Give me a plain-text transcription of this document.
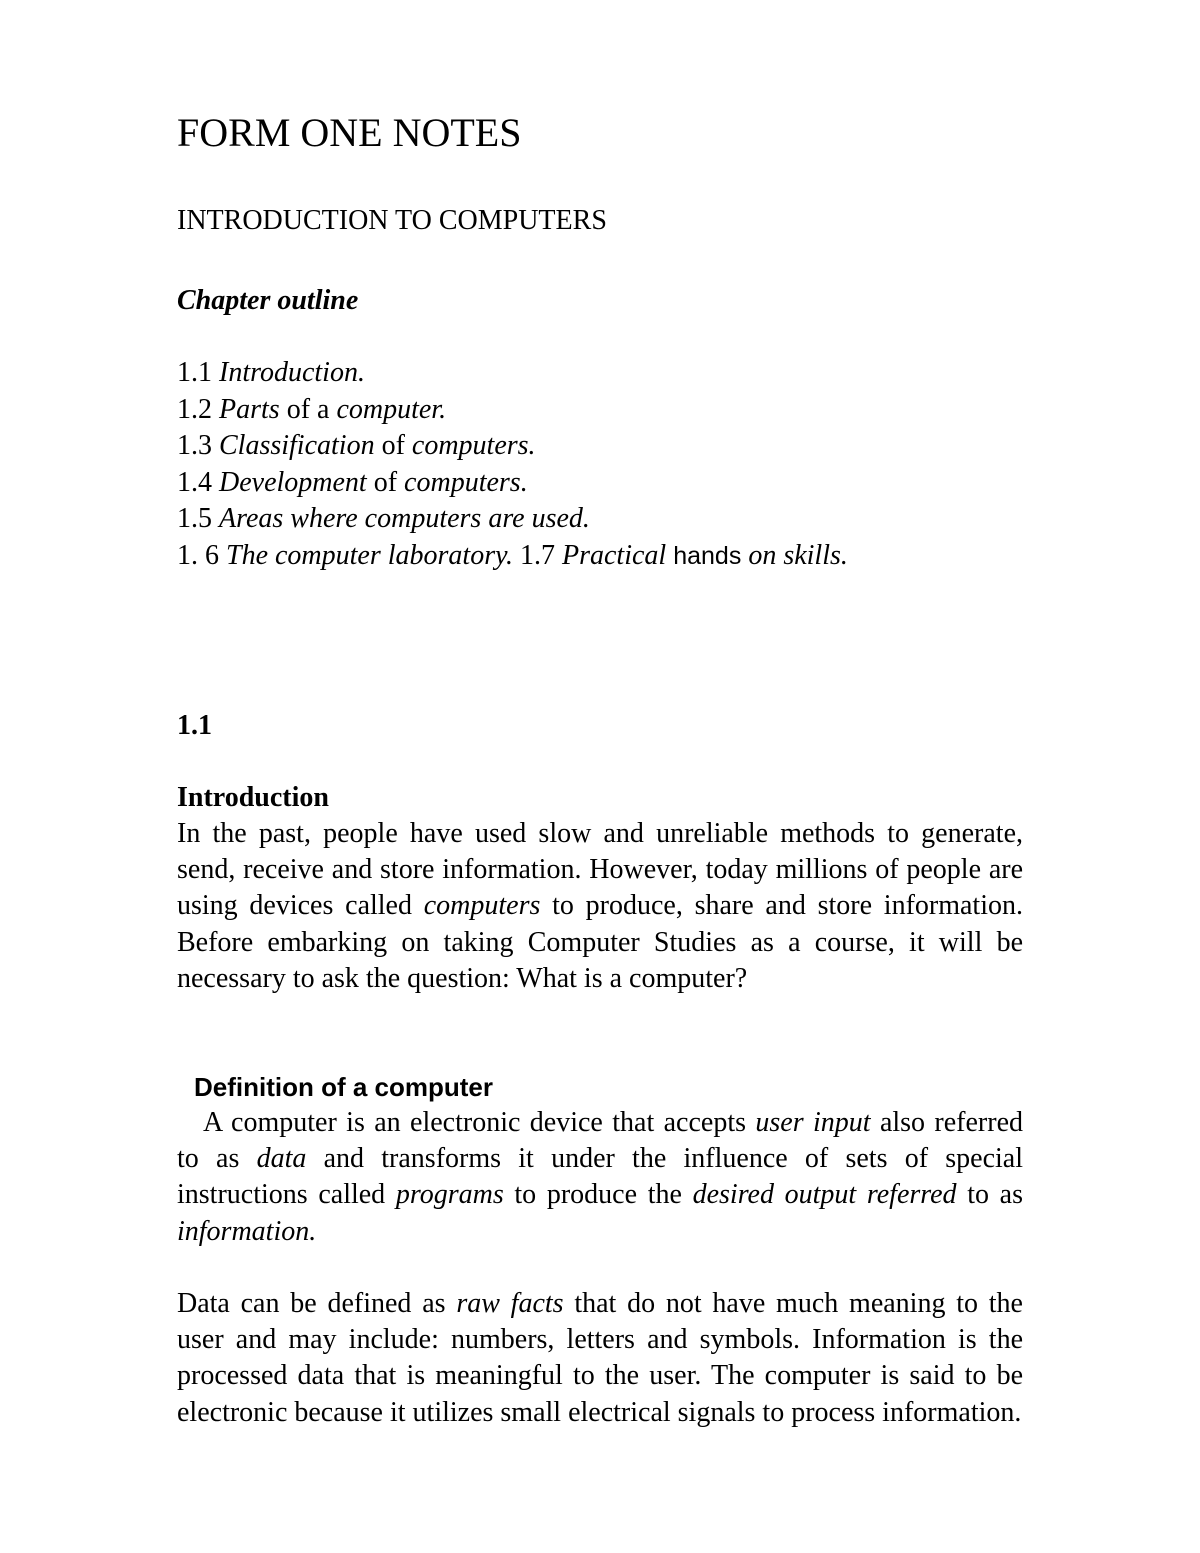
FORM ONE NOTES
INTRODUCTION TO COMPUTERS
Chapter outline
1.1 Introduction.
1.2 Parts of a computer.
1.3 Classification of computers.
1.4 Development of computers.
1.5 Areas where computers are used.
1. 6 The computer laboratory. 1.7 Practical hands on skills.
1.1
Introduction

In the past, people have used slow and unreliable methods to generate, send, receive and store information. However, today millions of people are using devices called computers to produce, share and store information. Before embarking on taking Computer Studies as a course, it will be necessary to ask the question: What is a computer?

Definition of a computer

A computer is an electronic device that accepts user input also referred to as data and transforms it under the influence of sets of special instructions called programs to produce the desired output referred to as information.

Data can be defined as raw facts that do not have much meaning to the user and may include: numbers, letters and symbols. Information is the processed data that is meaningful to the user. The computer is said to be electronic because it utilizes small electrical signals to process information.
